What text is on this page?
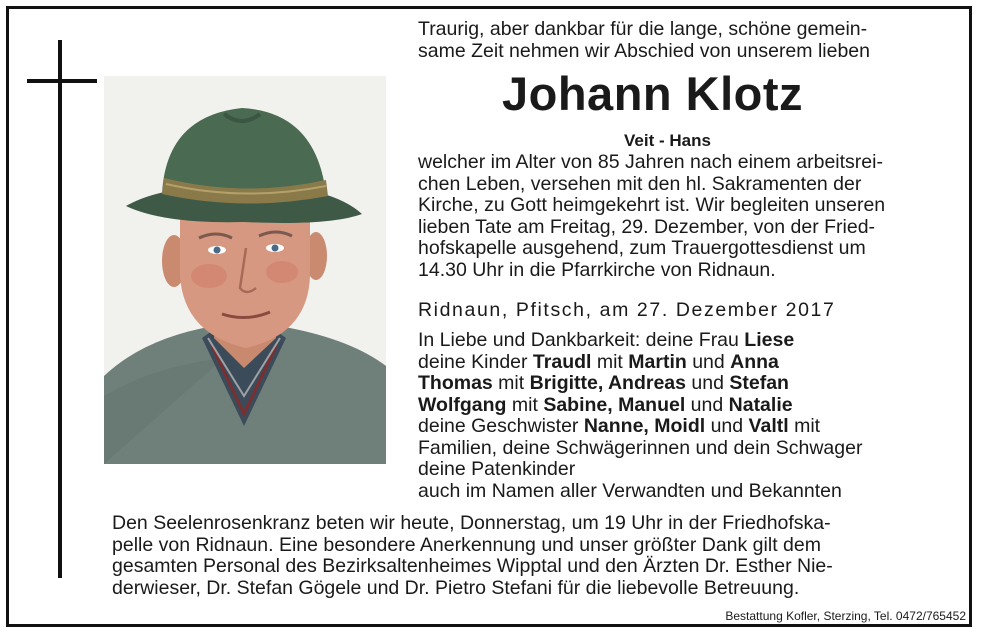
Traurig, aber dankbar für die lange, schöne gemein-
same Zeit nehmen wir Abschied von unserem lieben
Johann Klotz
Veit - Hans
welcher im Alter von 85 Jahren nach einem arbeitsrei-
chen Leben, versehen mit den hl. Sakramenten der
Kirche, zu Gott heimgekehrt ist. Wir begleiten unseren
lieben Tate am Freitag, 29. Dezember, von der Fried-
hofskapelle ausgehend, zum Trauergottesdienst um
14.30 Uhr in die Pfarrkirche von Ridnaun.
Ridnaun, Pfitsch, am 27. Dezember 2017
In Liebe und Dankbarkeit: deine Frau Liese
deine Kinder Traudl mit Martin und Anna
Thomas mit Brigitte, Andreas und Stefan
Wolfgang mit Sabine, Manuel und Natalie
deine Geschwister Nanne, Moidl und Valtl mit
Familien, deine Schwägerinnen und dein Schwager
deine Patenkinder
auch im Namen aller Verwandten und Bekannten
Den Seelenrosenkranz beten wir heute, Donnerstag, um 19 Uhr in der Friedhofska-
pelle von Ridnaun. Eine besondere Anerkennung und unser größter Dank gilt dem
gesamten Personal des Bezirksaltenheimes Wipptal und den Ärzten Dr. Esther Nie-
derwieser, Dr. Stefan Gögele und Dr. Pietro Stefani für die liebevolle Betreuung.
Bestattung Kofler, Sterzing, Tel. 0472/765452
